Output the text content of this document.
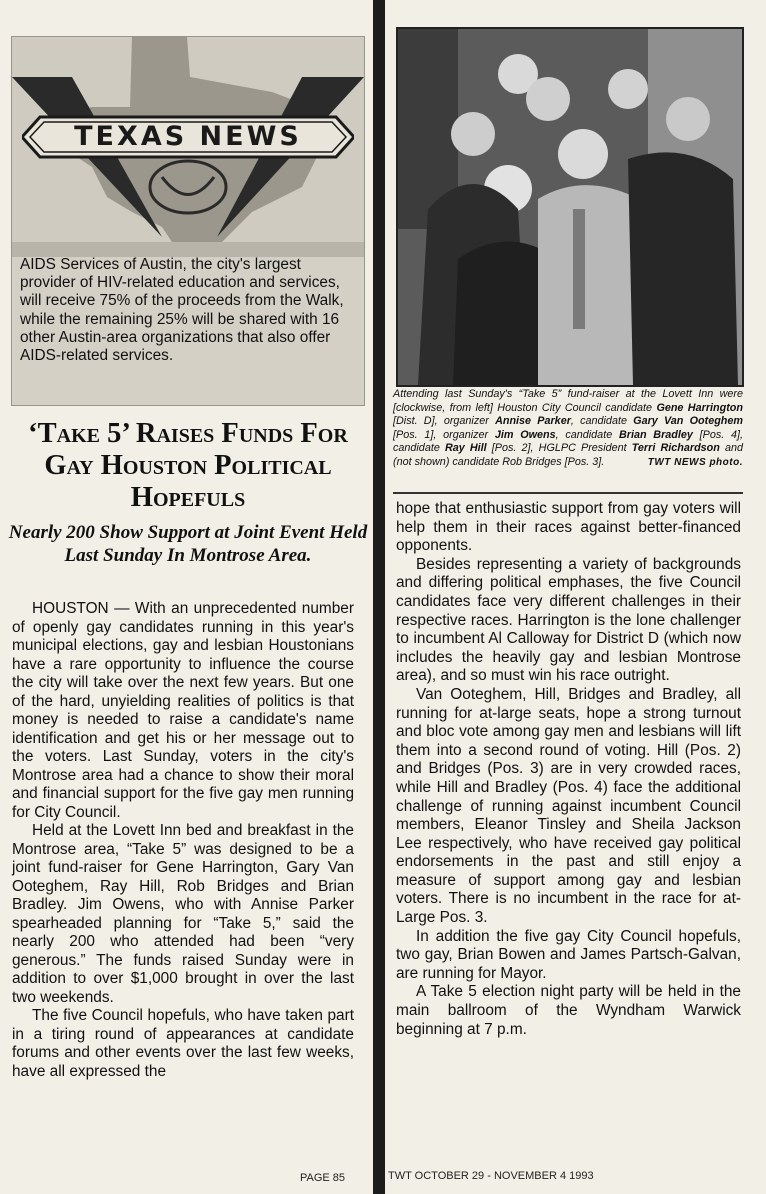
TEXAS NEWS
AIDS Services of Austin, the city's largest provider of HIV-related education and services, will receive 75% of the proceeds from the Walk, while the remaining 25% will be shared with 16 other Austin-area organizations that also offer AIDS-related services.
‘Take 5’ Raises Funds For Gay Houston Political Hopefuls
Nearly 200 Show Support at Joint Event Held Last Sunday In Montrose Area.

HOUSTON — With an unprecedented number of openly gay candidates running in this year's municipal elections, gay and lesbian Houstonians have a rare opportunity to influence the course the city will take over the next few years. But one of the hard, unyielding realities of politics is that money is needed to raise a candidate's name identification and get his or her message out to the voters. Last Sunday, voters in the city's Montrose area had a chance to show their moral and financial support for the five gay men running for City Council.

Held at the Lovett Inn bed and breakfast in the Montrose area, “Take 5” was designed to be a joint fund-raiser for Gene Harrington, Gary Van Ooteghem, Ray Hill, Rob Bridges and Brian Bradley. Jim Owens, who with Annise Parker spearheaded planning for “Take 5,” said the nearly 200 who attended had been “very generous.” The funds raised Sunday were in addition to over $1,000 brought in over the last two weekends.

The five Council hopefuls, who have taken part in a tiring round of appearances at candidate forums and other events over the last few weeks, have all expressed the

PAGE 85
Attending last Sunday's “Take 5” fund-raiser at the Lovett Inn were [clockwise, from left] Houston City Council candidate Gene Harrington [Dist. D], organizer Annise Parker, candidate Gary Van Ooteghem [Pos. 1], organizer Jim Owens, candidate Brian Bradley [Pos. 4], candidate Ray Hill [Pos. 2], HGLPC President Terri Richardson and (not shown) candidate Rob Bridges [Pos. 3].	TWT NEWS photo.

hope that enthusiastic support from gay voters will help them in their races against better-financed opponents.

Besides representing a variety of backgrounds and differing political emphases, the five Council candidates face very different challenges in their respective races. Harrington is the lone challenger to incumbent Al Calloway for District D (which now includes the heavily gay and lesbian Montrose area), and so must win his race outright.

Van Ooteghem, Hill, Bridges and Bradley, all running for at-large seats, hope a strong turnout and bloc vote among gay men and lesbians will lift them into a second round of voting. Hill (Pos. 2) and Bridges (Pos. 3) are in very crowded races, while Hill and Bradley (Pos. 4) face the additional challenge of running against incumbent Council members, Eleanor Tinsley and Sheila Jackson Lee respectively, who have received gay political endorsements in the past and still enjoy a measure of support among gay and lesbian voters. There is no incumbent in the race for at-Large Pos. 3.

In addition the five gay City Council hopefuls, two gay, Brian Bowen and James Partsch-Galvan, are running for Mayor.

A Take 5 election night party will be held in the main ballroom of the Wyndham Warwick beginning at 7 p.m.

TWT OCTOBER 29 - NOVEMBER 4 1993
